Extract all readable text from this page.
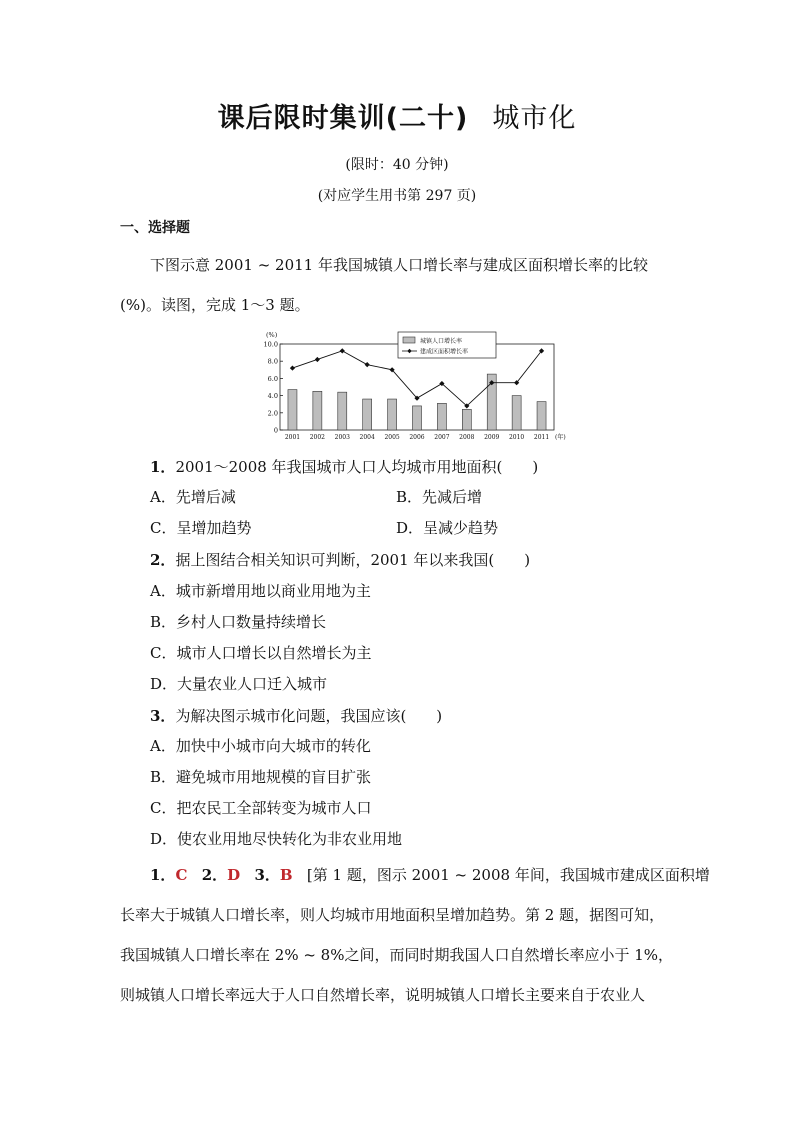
课后限时集训(二十) 城市化
(限时：40 分钟)
(对应学生用书第 297 页)
一、选择题
下图示意 2001 ~ 2011 年我国城镇人口增长率与建成区面积增长率的比较
(%)。读图，完成 1～3 题。
0
2.0
4.0
6.0
8.0
10.0
(%)
2001 2002 2003 2004 2005 2006 2007 2008 2009 2010 2011 (年)
城镇人口增长率
建成区面积增长率
1．2001～2008 年我国城市人口人均城市用地面积(　　)
A．先增后减	B．先减后增
C．呈增加趋势	D．呈减少趋势
2．据上图结合相关知识可判断，2001 年以来我国(　　)
A．城市新增用地以商业用地为主
B．乡村人口数量持续增长
C．城市人口增长以自然增长为主
D．大量农业人口迁入城市
3．为解决图示城市化问题，我国应该(　　)
A．加快中小城市向大城市的转化
B．避免城市用地规模的盲目扩张
C．把农民工全部转变为城市人口
D．使农业用地尽快转化为非农业用地
1．C 2．D 3．B [第 1 题，图示 2001 ~ 2008 年间，我国城市建成区面积增
长率大于城镇人口增长率，则人均城市用地面积呈增加趋势。第 2 题，据图可知，
我国城镇人口增长率在 2% ~ 8%之间，而同时期我国人口自然增长率应小于 1%，
则城镇人口增长率远大于人口自然增长率，说明城镇人口增长主要来自于农业人
